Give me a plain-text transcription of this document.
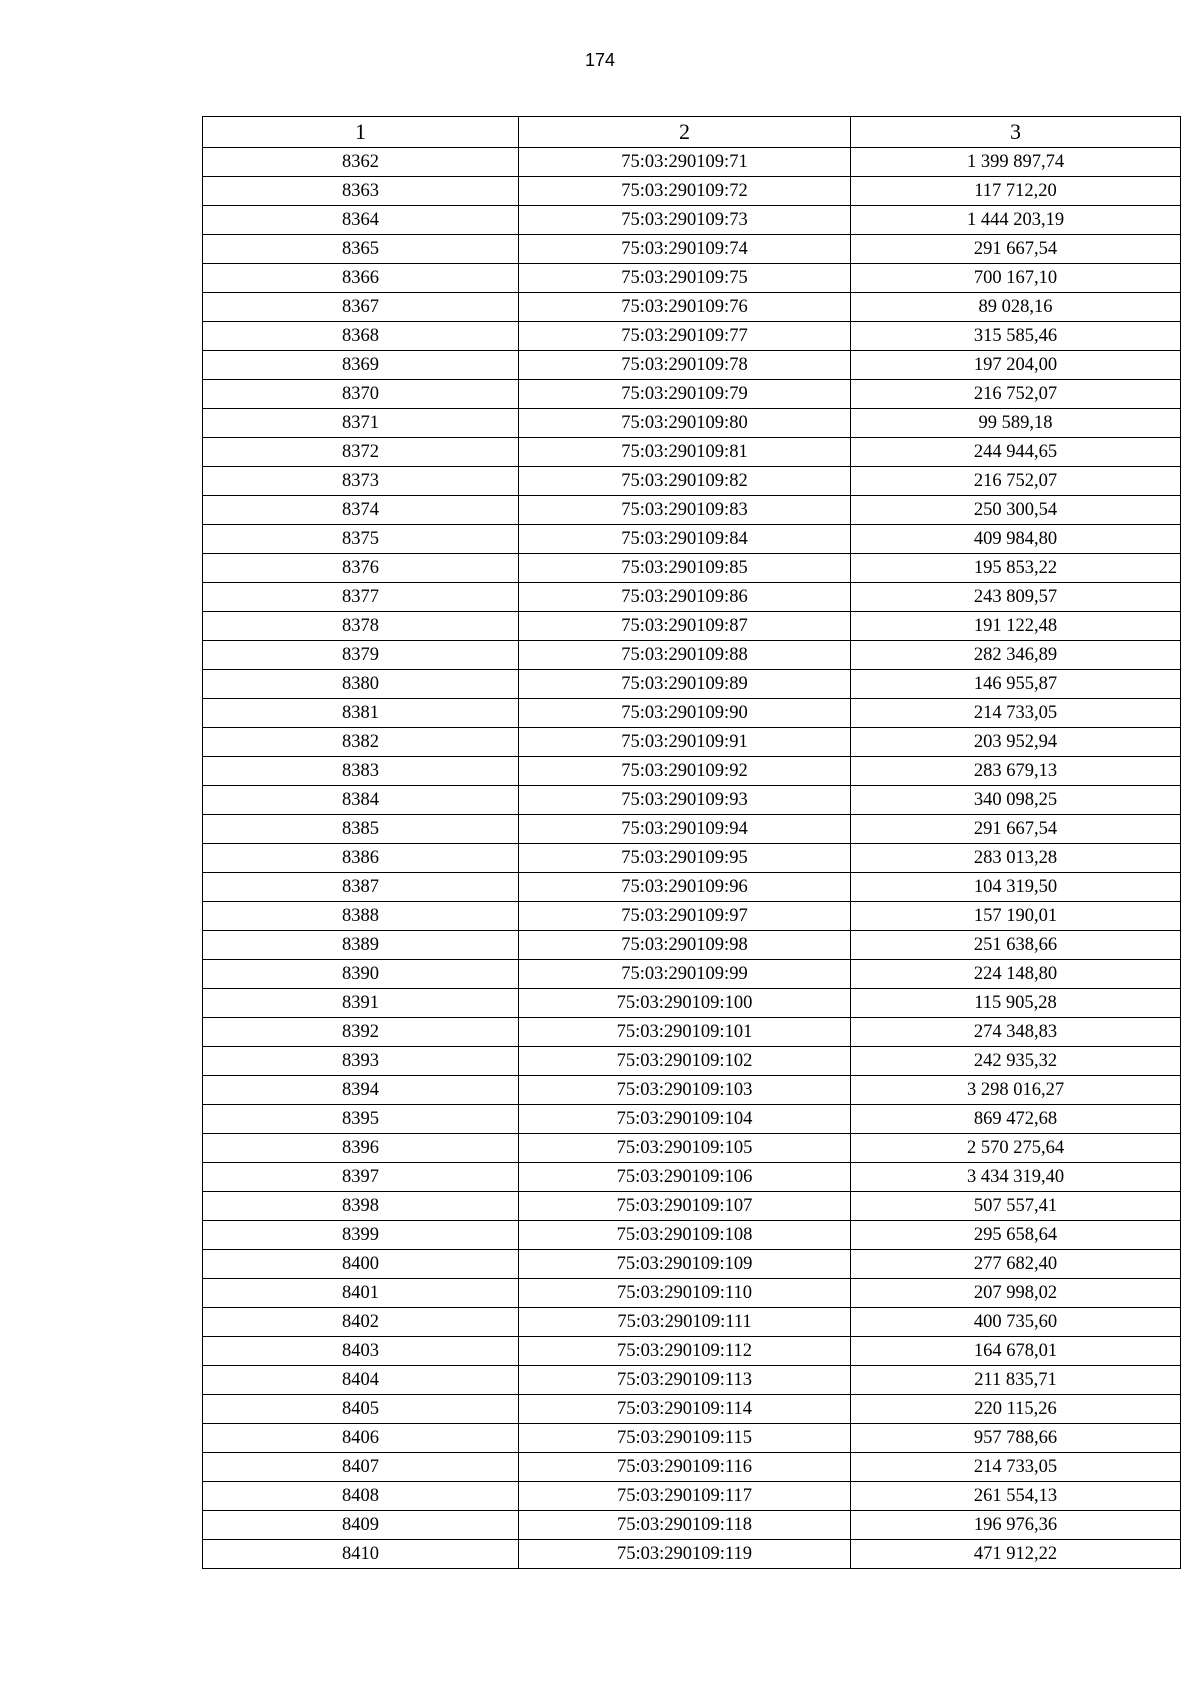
174
1	2	3
8362	75:03:290109:71	1 399 897,74
8363	75:03:290109:72	117 712,20
8364	75:03:290109:73	1 444 203,19
8365	75:03:290109:74	291 667,54
8366	75:03:290109:75	700 167,10
8367	75:03:290109:76	89 028,16
8368	75:03:290109:77	315 585,46
8369	75:03:290109:78	197 204,00
8370	75:03:290109:79	216 752,07
8371	75:03:290109:80	99 589,18
8372	75:03:290109:81	244 944,65
8373	75:03:290109:82	216 752,07
8374	75:03:290109:83	250 300,54
8375	75:03:290109:84	409 984,80
8376	75:03:290109:85	195 853,22
8377	75:03:290109:86	243 809,57
8378	75:03:290109:87	191 122,48
8379	75:03:290109:88	282 346,89
8380	75:03:290109:89	146 955,87
8381	75:03:290109:90	214 733,05
8382	75:03:290109:91	203 952,94
8383	75:03:290109:92	283 679,13
8384	75:03:290109:93	340 098,25
8385	75:03:290109:94	291 667,54
8386	75:03:290109:95	283 013,28
8387	75:03:290109:96	104 319,50
8388	75:03:290109:97	157 190,01
8389	75:03:290109:98	251 638,66
8390	75:03:290109:99	224 148,80
8391	75:03:290109:100	115 905,28
8392	75:03:290109:101	274 348,83
8393	75:03:290109:102	242 935,32
8394	75:03:290109:103	3 298 016,27
8395	75:03:290109:104	869 472,68
8396	75:03:290109:105	2 570 275,64
8397	75:03:290109:106	3 434 319,40
8398	75:03:290109:107	507 557,41
8399	75:03:290109:108	295 658,64
8400	75:03:290109:109	277 682,40
8401	75:03:290109:110	207 998,02
8402	75:03:290109:111	400 735,60
8403	75:03:290109:112	164 678,01
8404	75:03:290109:113	211 835,71
8405	75:03:290109:114	220 115,26
8406	75:03:290109:115	957 788,66
8407	75:03:290109:116	214 733,05
8408	75:03:290109:117	261 554,13
8409	75:03:290109:118	196 976,36
8410	75:03:290109:119	471 912,22
